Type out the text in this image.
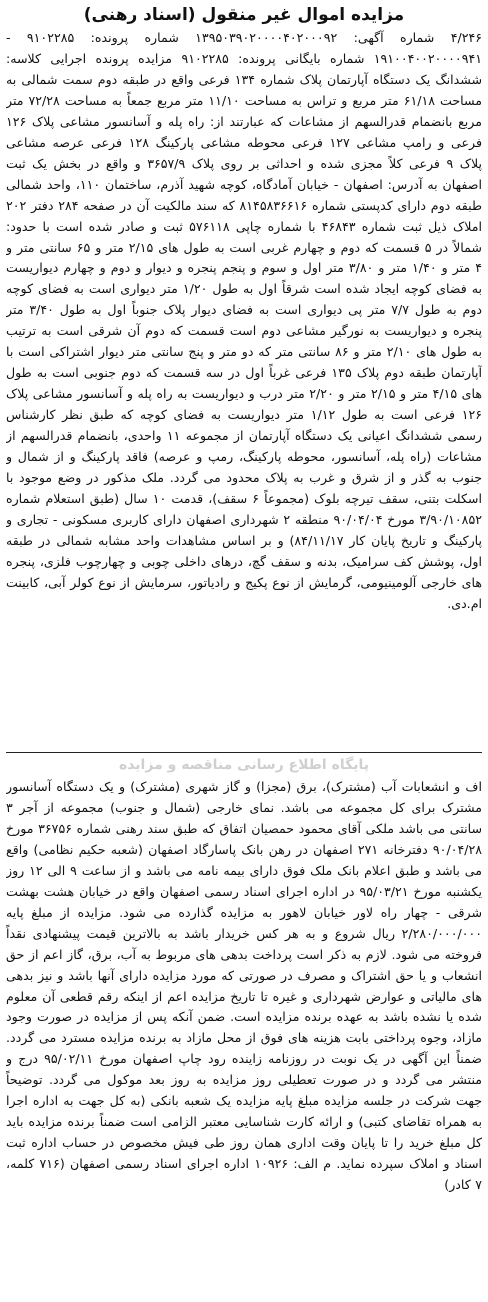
مزایده اموال غیر منقول (اسناد رهنی)

۴/۲۴۶ شماره آگهی: ۱۳۹۵۰۳۹۰۲۰۰۰۰۴۰۲۰۰۰۹۲ شماره پرونده: ۹۱۰۲۲۸۵ - ۱۹۱۰۰۴۰۰۲۰۰۰۰۹۴۱ شماره بایگانی پرونده: ۹۱۰۲۲۸۵ مزایده پرونده اجرایی کلاسه: ششدانگ یک دستگاه آپارتمان پلاک شماره ۱۳۴ فرعی واقع در طبقه دوم سمت شمالی به مساحت ۶۱/۱۸ متر مربع و تراس به مساحت ۱۱/۱۰ متر مربع جمعاً به مساحت ۷۲/۲۸ متر مربع بانضمام قدرالسهم از مشاعات که عبارتند از: راه پله و آسانسور مشاعی پلاک ۱۲۶ فرعی و رامپ مشاعی ۱۲۷ فرعی محوطه مشاعی پارکینگ ۱۲۸ فرعی عرصه مشاعی پلاک ۹ فرعی کلاً مجزی شده و احداثی بر روی پلاک ۳۶۵۷/۹ و واقع در بخش یک ثبت اصفهان به آدرس: اصفهان - خیابان آمادگاه، کوچه شهید آذرم، ساختمان ۱۱۰، واحد شمالی طبقه دوم دارای کدپستی شماره ۸۱۴۵۸۳۶۶۱۶ که سند مالکیت آن در صفحه ۲۸۴ دفتر ۲۰۲ املاک ذیل ثبت شماره ۴۶۸۴۳ با شماره چاپی ۵۷۶۱۱۸ ثبت و صادر شده است با حدود: شمالاً در ۵ قسمت که دوم و چهارم غربی است به طول های ۲/۱۵ متر و ۶۵ سانتی متر و ۴ متر و ۱/۴۰ متر و ۳/۸۰ متر اول و سوم و پنجم پنجره و دیوار و دوم و چهارم دیواریست به فضای کوچه ایجاد شده است شرقاً اول به طول ۱/۲۰ متر دیواری است به فضای کوچه دوم به طول ۷/۷ متر پی دیواری است به فضای دیوار پلاک جنوباً اول به طول ۳/۴۰ متر پنجره و دیواریست به نورگیر مشاعی دوم است قسمت که دوم آن شرقی است به ترتیب به طول های ۲/۱۰ متر و ۸۶ سانتی متر که دو متر و پنج سانتی متر دیوار اشتراکی است با آپارتمان طبقه دوم پلاک ۱۳۵ فرعی غرباً اول در سه قسمت که دوم جنوبی است به طول های ۴/۱۵ متر و ۲/۱۵ متر و ۲/۲۰ متر درب و دیواریست به راه پله و آسانسور مشاعی پلاک ۱۲۶ فرعی است به طول ۱/۱۲ متر دیواریست به فضای کوچه که طبق نظر کارشناس رسمی ششدانگ اعیانی یک دستگاه آپارتمان از مجموعه ۱۱ واحدی، بانضمام قدرالسهم از مشاعات (راه پله، آسانسور، محوطه پارکینگ، رمپ و عرصه) فاقد پارکینگ و از شمال و جنوب به گذر و از شرق و غرب به پلاک محدود می گردد. ملک مذکور در وضع موجود با اسکلت بتنی، سقف تیرچه بلوک (مجموعاً ۶ سقف)، قدمت ۱۰ سال (طبق استعلام شماره ۳/۹۰/۱۰۸۵۲ مورخ ۹۰/۰۴/۰۴ منطقه ۲ شهرداری اصفهان دارای کاربری مسکونی - تجاری و پارکینگ و تاریخ پایان کار ۸۴/۱۱/۱۷) و بر اساس مشاهدات واحد مشابه شمالی در طبقه اول، پوشش کف سرامیک، بدنه و سقف گچ، درهای داخلی چوبی و چهارچوب فلزی، پنجره های خارجی آلومینیومی، گرمایش از نوع پکیج و رادیاتور، سرمایش از نوع کولر آبی، کابینت ام.دی.

پایگاه اطلاع رسانی مناقصه و مزایده

اف و انشعابات آب (مشترک)، برق (مجزا) و گاز شهری (مشترک) و یک دستگاه آسانسور مشترک برای کل مجموعه می باشد. نمای خارجی (شمال و جنوب) مجموعه از آجر ۳ سانتی می باشد ملکی آقای محمود حمصیان اتفاق که طبق سند رهنی شماره ۳۶۷۵۶ مورخ ۹۰/۰۴/۲۸ دفترخانه ۲۷۱ اصفهان در رهن بانک پاسارگاد اصفهان (شعبه حکیم نظامی) واقع می باشد و طبق اعلام بانک ملک فوق دارای بیمه نامه می باشد و از ساعت ۹ الی ۱۲ روز یکشنبه مورخ ۹۵/۰۳/۲۱ در اداره اجرای اسناد رسمی اصفهان واقع در خیابان هشت بهشت شرقی - چهار راه لاور خیابان لاهور به مزایده گذارده می شود. مزایده از مبلغ پایه ۲/۲۸۰/۰۰۰/۰۰۰ ریال شروع و به هر کس خریدار باشد به بالاترین قیمت پیشنهادی نقداً فروخته می شود. لازم به ذکر است پرداخت بدهی های مربوط به آب، برق، گاز اعم از حق انشعاب و یا حق اشتراک و مصرف در صورتی که مورد مزایده دارای آنها باشد و نیز بدهی های مالیاتی و عوارض شهرداری و غیره تا تاریخ مزایده اعم از اینکه رقم قطعی آن معلوم شده یا نشده باشد به عهده برنده مزایده است. ضمن آنکه پس از مزایده در صورت وجود مازاد، وجوه پرداختی بابت هزینه های فوق از محل مازاد به برنده مزایده مسترد می گردد. ضمناً این آگهی در یک نوبت در روزنامه زاینده رود چاپ اصفهان مورخ ۹۵/۰۲/۱۱ درج و منتشر می گردد و در صورت تعطیلی روز مزایده به روز بعد موکول می گردد. توضیحاً جهت شرکت در جلسه مزایده مبلغ پایه مزایده یک شعبه بانکی (به کل جهت به اداره اجرا به همراه تقاضای کتبی) و ارائه کارت شناسایی معتبر الزامی است ضمناً برنده مزایده باید کل مبلغ خرید را تا پایان وقت اداری همان روز طی فیش مخصوص در حساب اداره ثبت اسناد و املاک سپرده نماید. م الف: ۱۰۹۲۶ اداره اجرای اسناد رسمی اصفهان (۷۱۶ کلمه، ۷ کادر)
